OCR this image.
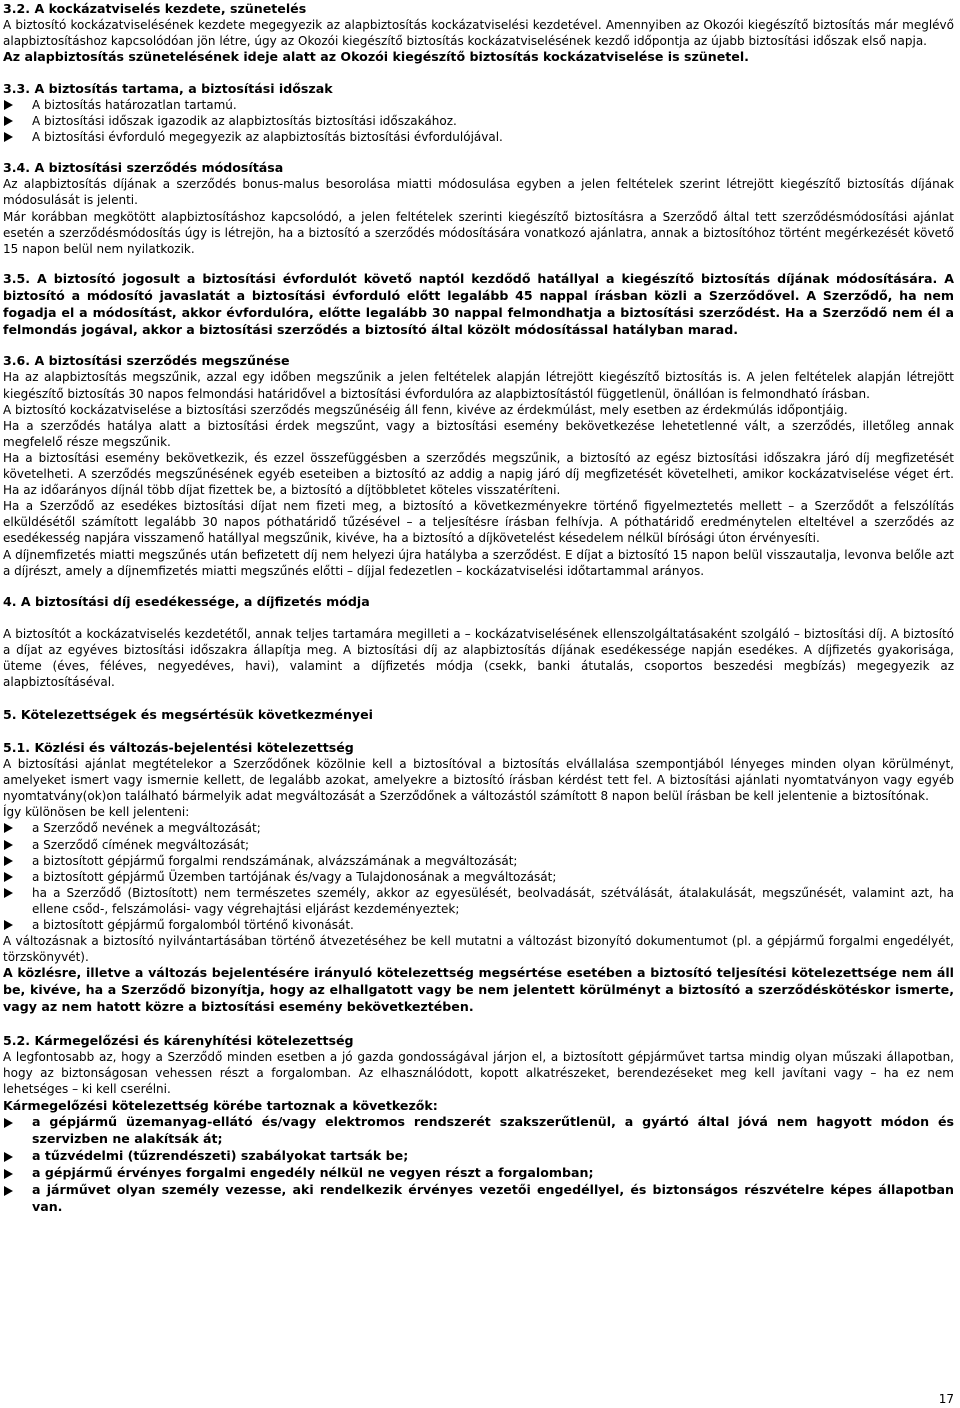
3.2. A kockázatviselés kezdete, szünetelés

A biztosító kockázatviselésének kezdete megegyezik az alapbiztosítás kockázatviselési kezdetével. Amennyiben az Okozói kiegészítő biztosítás már meglévő alapbiztosításhoz kapcsolódóan jön létre, úgy az Okozói kiegészítő biztosítás kockázatviselésének kezdő időpontja az újabb biztosítási időszak első napja.

Az alapbiztosítás szünetelésének ideje alatt az Okozói kiegészítő biztosítás kockázatviselése is szünetel.

3.3. A biztosítás tartama, a biztosítási időszak

A biztosítás határozatlan tartamú.
A biztosítási időszak igazodik az alapbiztosítás biztosítási időszakához.
A biztosítási évforduló megegyezik az alapbiztosítás biztosítási évfordulójával.

3.4. A biztosítási szerződés módosítása

Az alapbiztosítás díjának a szerződés bonus-malus besorolása miatti módosulása egyben a jelen feltételek szerint létrejött kiegészítő biztosítás díjának módosulását is jelenti.

Már korábban megkötött alapbiztosításhoz kapcsolódó, a jelen feltételek szerinti kiegészítő biztosításra a Szerződő által tett szerződésmódosítási ajánlat esetén a szerződésmódosítás úgy is létrejön, ha a biztosító a szerződés módosítására vonatkozó ajánlatra, annak a biztosítóhoz történt megérkezését követő 15 napon belül nem nyilatkozik.

3.5. A biztosító jogosult a biztosítási évfordulót követő naptól kezdődő hatállyal a kiegészítő biztosítás díjának módosítására. A biztosító a módosító javaslatát a biztosítási évforduló előtt legalább 45 nappal írásban közli a Szerződővel. A Szerződő, ha nem fogadja el a módosítást, akkor évfordulóra, előtte legalább 30 nappal felmondhatja a biztosítási szerződést. Ha a Szerződő nem él a felmondás jogával, akkor a biztosítási szerződés a biztosító által közölt módosítással hatályban marad.

3.6. A biztosítási szerződés megszűnése

Ha az alapbiztosítás megszűnik, azzal egy időben megszűnik a jelen feltételek alapján létrejött kiegészítő biztosítás is. A jelen feltételek alapján létrejött kiegészítő biztosítás 30 napos felmondási határidővel a biztosítási évfordulóra az alapbiztosítástól függetlenül, önállóan is felmondható írásban.

A biztosító kockázatviselése a biztosítási szerződés megszűnéséig áll fenn, kivéve az érdekmúlást, mely esetben az érdekmúlás időpontjáig.

Ha a szerződés hatálya alatt a biztosítási érdek megszűnt, vagy a biztosítási esemény bekövetkezése lehetetlenné vált, a szerződés, illetőleg annak megfelelő része megszűnik.

Ha a biztosítási esemény bekövetkezik, és ezzel összefüggésben a szerződés megszűnik, a biztosító az egész biztosítási időszakra járó díj megfizetését követelheti. A szerződés megszűnésének egyéb eseteiben a biztosító az addig a napig járó díj megfizetését követelheti, amikor kockázatviselése véget ért. Ha az időarányos díjnál több díjat fizettek be, a biztosító a díjtöbbletet köteles visszatéríteni.

Ha a Szerződő az esedékes biztosítási díjat nem fizeti meg, a biztosító a következményekre történő figyelmeztetés mellett – a Szerződőt a felszólítás elküldésétől számított legalább 30 napos póthatáridő tűzésével – a teljesítésre írásban felhívja. A póthatáridő eredménytelen elteltével a szerződés az esedékesség napjára visszamenő hatállyal megszűnik, kivéve, ha a biztosító a díjkövetelést késedelem nélkül bírósági úton érvényesíti.

A díjnemfizetés miatti megszűnés után befizetett díj nem helyezi újra hatályba a szerződést. E díjat a biztosító 15 napon belül visszautalja, levonva belőle azt a díjrészt, amely a díjnemfizetés miatti megszűnés előtti – díjjal fedezetlen – kockázatviselési időtartammal arányos.

4. A biztosítási díj esedékessége, a díjfizetés módja

A biztosítót a kockázatviselés kezdetétől, annak teljes tartamára megilleti a – kockázatviselésének ellenszolgáltatásaként szolgáló – biztosítási díj. A biztosító a díjat az egyéves biztosítási időszakra állapítja meg. A biztosítási díj az alapbiztosítás díjának esedékessége napján esedékes. A díjfizetés gyakorisága, üteme (éves, féléves, negyedéves, havi), valamint a díjfizetés módja (csekk, banki átutalás, csoportos beszedési megbízás) megegyezik az alapbiztosításéval.

5. Kötelezettségek és megsértésük következményei

5.1. Közlési és változás-bejelentési kötelezettség

A biztosítási ajánlat megtételekor a Szerződőnek közölnie kell a biztosítóval a biztosítás elvállalása szempontjából lényeges minden olyan körülményt, amelyeket ismert vagy ismernie kellett, de legalább azokat, amelyekre a biztosító írásban kérdést tett fel. A biztosítási ajánlati nyomtatványon vagy egyéb nyomtatvány(ok)on található bármelyik adat megváltozását a Szerződőnek a változástól számított 8 napon belül írásban be kell jelentenie a biztosítónak.

Így különösen be kell jelenteni:

a Szerződő nevének a megváltozását;
a Szerződő címének megváltozását;
a biztosított gépjármű forgalmi rendszámának, alvázszámának a megváltozását;
a biztosított gépjármű Üzemben tartójának és/vagy a Tulajdonosának a megváltozását;
ha a Szerződő (Biztosított) nem természetes személy, akkor az egyesülését, beolvadását, szétválását, átalakulását, megszűnését, valamint azt, ha ellene csőd-, felszámolási- vagy végrehajtási eljárást kezdeményeztek;
a biztosított gépjármű forgalomból történő kivonását.

A változásnak a biztosító nyilvántartásában történő átvezetéséhez be kell mutatni a változást bizonyító dokumentumot (pl. a gépjármű forgalmi engedélyét, törzskönyvét).

A közlésre, illetve a változás bejelentésére irányuló kötelezettség megsértése esetében a biztosító teljesítési kötelezettsége nem áll be, kivéve, ha a Szerződő bizonyítja, hogy az elhallgatott vagy be nem jelentett körülményt a biztosító a szerződéskötéskor ismerte, vagy az nem hatott közre a biztosítási esemény bekövetkeztében.

5.2. Kármegelőzési és kárenyhítési kötelezettség

A legfontosabb az, hogy a Szerződő minden esetben a jó gazda gondosságával járjon el, a biztosított gépjárművet tartsa mindig olyan műszaki állapotban, hogy az biztonságosan vehessen részt a forgalomban. Az elhasználódott, kopott alkatrészeket, berendezéseket meg kell javítani vagy – ha ez nem lehetséges – ki kell cserélni.

Kármegelőzési kötelezettség körébe tartoznak a következők:

a gépjármű üzemanyag-ellátó és/vagy elektromos rendszerét szakszerűtlenül, a gyártó által jóvá nem hagyott módon és szervizben ne alakítsák át;
a tűzvédelmi (tűzrendészeti) szabályokat tartsák be;
a gépjármű érvényes forgalmi engedély nélkül ne vegyen részt a forgalomban;
a járművet olyan személy vezesse, aki rendelkezik érvényes vezetői engedéllyel, és biztonságos részvételre képes állapotban van.
17
